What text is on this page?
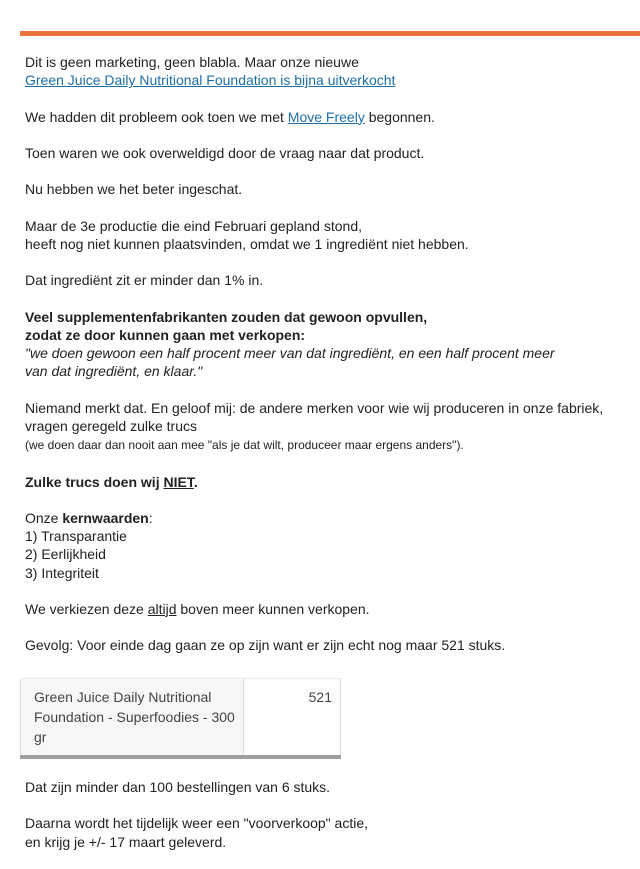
Dit is geen marketing, geen blabla. Maar onze nieuwe
Green Juice Daily Nutritional Foundation is bijna uitverkocht

We hadden dit probleem ook toen we met Move Freely begonnen.

Toen waren we ook overweldigd door de vraag naar dat product.

Nu hebben we het beter ingeschat.

Maar de 3e productie die eind Februari gepland stond,
heeft nog niet kunnen plaatsvinden, omdat we 1 ingrediënt niet hebben.

Dat ingrediënt zit er minder dan 1% in.

Veel supplementenfabrikanten zouden dat gewoon opvullen,
zodat ze door kunnen gaan met verkopen:
"we doen gewoon een half procent meer van dat ingrediënt, en een half procent meer
van dat ingrediënt, en klaar."

Niemand merkt dat. En geloof mij: de andere merken voor wie wij produceren in onze fabriek,
vragen geregeld zulke trucs
(we doen daar dan nooit aan mee "als je dat wilt, produceer maar ergens anders").

Zulke trucs doen wij NIET.

Onze kernwaarden:
1) Transparantie
2) Eerlijkheid
3) Integriteit

We verkiezen deze altijd boven meer kunnen verkopen.

Gevolg: Voor einde dag gaan ze op zijn want er zijn echt nog maar 521 stuks.

Green Juice Daily Nutritional Foundation - Superfoodies - 300 gr	521

Dat zijn minder dan 100 bestellingen van 6 stuks.

Daarna wordt het tijdelijk weer een "voorverkoop" actie,
en krijg je +/- 17 maart geleverd.
